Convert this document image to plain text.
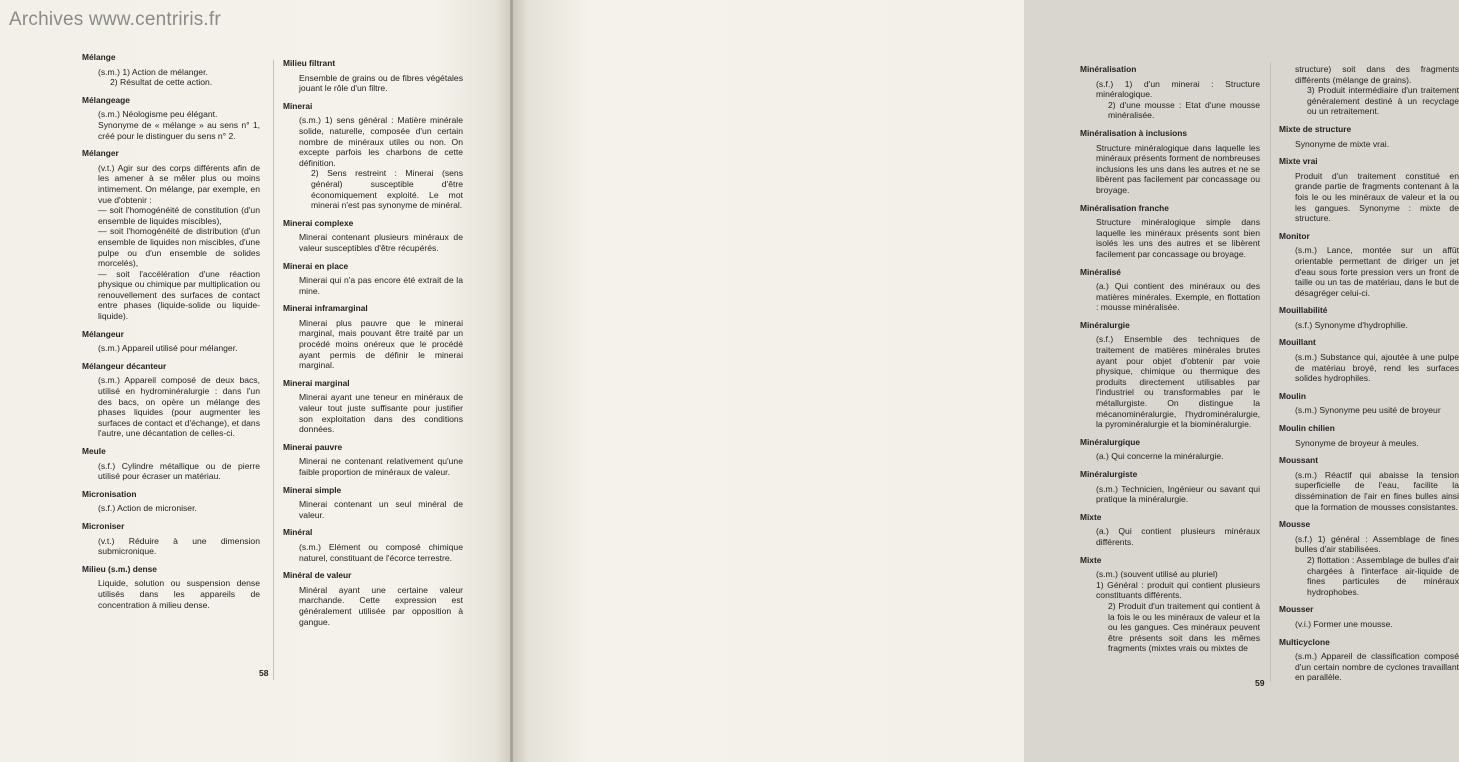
Archives www.centriris.fr
Mélange
(s.m.) 1) Action de mélanger.
2) Résultat de cette action.
Mélangeage
(s.m.) Néologisme peu élégant.
Synonyme de « mélange » au sens n° 1, créé pour le distinguer du sens n° 2.
Mélanger
(v.t.) Agir sur des corps différents afin de les amener à se mêler plus ou moins intimement. On mélange, par exemple, en vue d'obtenir :
— soit l'homogénéité de constitution (d'un ensemble de liquides miscibles),
— soit l'homogénéité de distribution (d'un ensemble de liquides non miscibles, d'une pulpe ou d'un ensemble de solides morcelés),
— soit l'accélération d'une réaction physique ou chimique par multiplication ou renouvellement des surfaces de contact entre phases (liquide-solide ou liquide-liquide).
Mélangeur
(s.m.) Appareil utilisé pour mélanger.
Mélangeur décanteur
(s.m.) Appareil composé de deux bacs, utilisé en hydrominéralurgie : dans l'un des bacs, on opère un mélange des phases liquides (pour augmenter les surfaces de contact et d'échange), et dans l'autre, une décantation de celles-ci.
Meule
(s.f.) Cylindre métallique ou de pierre utilisé pour écraser un matériau.
Micronisation
(s.f.) Action de microniser.
Microniser
(v.t.) Réduire à une dimension submicronique.
Milieu (s.m.) dense
Liquide, solution ou suspension dense utilisés dans les appareils de concentration à milieu dense.
Milieu filtrant
Ensemble de grains ou de fibres végétales jouant le rôle d'un filtre.
Minerai
(s.m.) 1) sens général : Matière minérale solide, naturelle, composée d'un certain nombre de minéraux utiles ou non. On excepte parfois les charbons de cette définition.
2) Sens restreint : Minerai (sens général) susceptible d'être économiquement exploité. Le mot minerai n'est pas synonyme de minéral.
Minerai complexe
Minerai contenant plusieurs minéraux de valeur susceptibles d'être récupérés.
Minerai en place
Minerai qui n'a pas encore été extrait de la mine.
Minerai inframarginal
Minerai plus pauvre que le minerai marginal, mais pouvant être traité par un procédé moins onéreux que le procédé ayant permis de définir le minerai marginal.
Minerai marginal
Minerai ayant une teneur en minéraux de valeur tout juste suffisante pour justifier son exploitation dans des conditions données.
Minerai pauvre
Minerai ne contenant relativement qu'une faible proportion de minéraux de valeur.
Minerai simple
Minerai contenant un seul minéral de valeur.
Minéral
(s.m.) Elément ou composé chimique naturel, constituant de l'écorce terrestre.
Minéral de valeur
Minéral ayant une certaine valeur marchande. Cette expression est généralement utilisée par opposition à gangue.
58
Minéralisation
(s.f.) 1) d'un minerai : Structure minéralogique.
2) d'une mousse : Etat d'une mousse minéralisée.
Minéralisation à inclusions
Structure minéralogique dans laquelle les minéraux présents forment de nombreuses inclusions les uns dans les autres et ne se libèrent pas facilement par concassage ou broyage.
Minéralisation franche
Structure minéralogique simple dans laquelle les minéraux présents sont bien isolés les uns des autres et se libèrent facilement par concassage ou broyage.
Minéralisé
(a.) Qui contient des minéraux ou des matières minérales. Exemple, en flottation : mousse minéralisée.
Minéralurgie
(s.f.) Ensemble des techniques de traitement de matières minérales brutes ayant pour objet d'obtenir par voie physique, chimique ou thermique des produits directement utilisables par l'industriel ou transformables par le métallurgiste. On distingue la mécanominéralurgie, l'hydrominéralurgie, la pyrominéralurgie et la biominéralurgie.
Minéralurgique
(a.) Qui concerne la minéralurgie.
Minéralurgiste
(s.m.) Technicien, Ingénieur ou savant qui pratique la minéralurgie.
Mixte
(a.) Qui contient plusieurs minéraux différents.
Mixte
(s.m.) (souvent utilisé au pluriel)
1) Général : produit qui contient plusieurs constituants différents.
2) Produit d'un traitement qui contient à la fois le ou les minéraux de valeur et la ou les gangues. Ces minéraux peuvent être présents soit dans les mêmes fragments (mixtes vrais ou mixtes de
structure) soit dans des fragments différents (mélange de grains).
3) Produit intermédiaire d'un traitement généralement destiné à un recyclage ou un retraitement.
Mixte de structure
Synonyme de mixte vrai.
Mixte vrai
Produit d'un traitement constitué en grande partie de fragments contenant à la fois le ou les minéraux de valeur et la ou les gangues. Synonyme : mixte de structure.
Monitor
(s.m.) Lance, montée sur un affût orientable permettant de diriger un jet d'eau sous forte pression vers un front de taille ou un tas de matériau, dans le but de désagréger celui-ci.
Mouillabilité
(s.f.) Synonyme d'hydrophilie.
Mouillant
(s.m.) Substance qui, ajoutée à une pulpe de matériau broyé, rend les surfaces solides hydrophiles.
Moulin
(s.m.) Synonyme peu usité de broyeur
Moulin chilien
Synonyme de broyeur à meules.
Moussant
(s.m.) Réactif qui abaisse la tension superficielle de l'eau, facilite la dissémination de l'air en fines bulles ainsi que la formation de mousses consistantes.
Mousse
(s.f.) 1) général : Assemblage de fines bulles d'air stabilisées.
2) flottation : Assemblage de bulles d'air chargées à l'interface air-liquide de fines particules de minéraux hydrophobes.
Mousser
(v.i.) Former une mousse.
Multicyclone
(s.m.) Appareil de classification composé d'un certain nombre de cyclones travaillant en parallèle.
59
